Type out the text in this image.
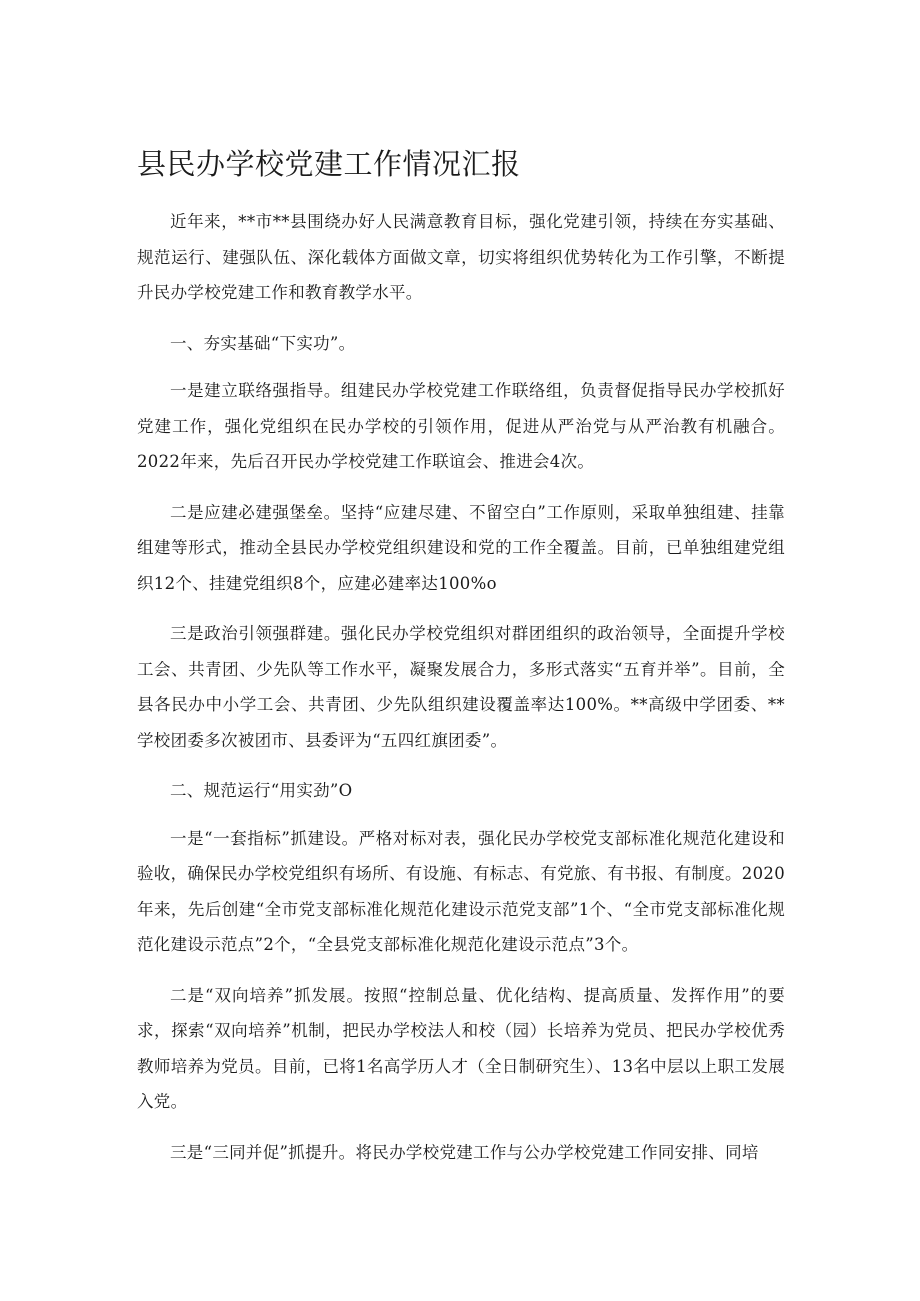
县民办学校党建工作情况汇报

近年来，**市**县围绕办好人民满意教育目标，强化党建引领，持续在夯实基础、规范运行、建强队伍、深化载体方面做文章，切实将组织优势转化为工作引擎，不断提升民办学校党建工作和教育教学水平。

一、夯实基础“下实功”。

一是建立联络强指导。组建民办学校党建工作联络组，负责督促指导民办学校抓好党建工作，强化党组织在民办学校的引领作用，促进从严治党与从严治教有机融合。2022年来，先后召开民办学校党建工作联谊会、推进会4次。

二是应建必建强堡垒。坚持“应建尽建、不留空白”工作原则，采取单独组建、挂靠组建等形式，推动全县民办学校党组织建设和党的工作全覆盖。目前，已单独组建党组织12个、挂建党组织8个，应建必建率达100%o

三是政治引领强群建。强化民办学校党组织对群团组织的政治领导，全面提升学校工会、共青团、少先队等工作水平，凝聚发展合力，多形式落实“五育并举”。目前，全县各民办中小学工会、共青团、少先队组织建设覆盖率达100%。**高级中学团委、**学校团委多次被团市、县委评为“五四红旗团委”。

二、规范运行“用实劲”O

一是“一套指标”抓建设。严格对标对表，强化民办学校党支部标准化规范化建设和验收，确保民办学校党组织有场所、有设施、有标志、有党旅、有书报、有制度。2020年来，先后创建“全市党支部标准化规范化建设示范党支部”1个、“全市党支部标准化规范化建设示范点”2个，“全县党支部标准化规范化建设示范点”3个。

二是“双向培养”抓发展。按照“控制总量、优化结构、提高质量、发挥作用”的要求，探索“双向培养”机制，把民办学校法人和校（园）长培养为党员、把民办学校优秀教师培养为党员。目前，已将1名高学历人才（全日制研究生）、13名中层以上职工发展入党。

三是“三同并促”抓提升。将民办学校党建工作与公办学校党建工作同安排、同培
